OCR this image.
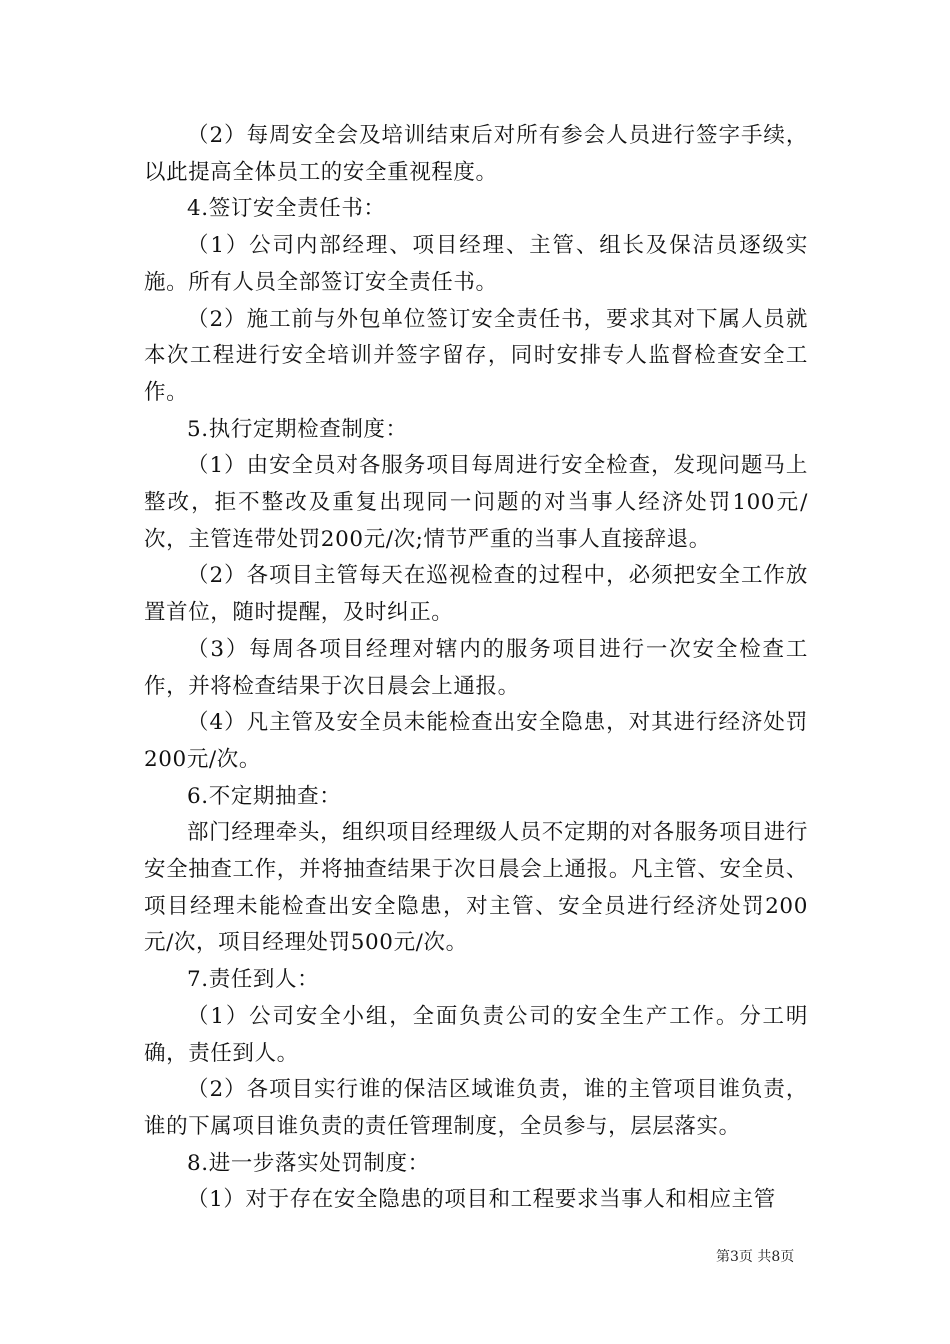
（2）每周安全会及培训结束后对所有参会人员进行签字手续，以此提高全体员工的安全重视程度。

4.签订安全责任书：

（1）公司内部经理、项目经理、主管、组长及保洁员逐级实施。所有人员全部签订安全责任书。

（2）施工前与外包单位签订安全责任书，要求其对下属人员就本次工程进行安全培训并签字留存，同时安排专人监督检查安全工作。

5.执行定期检查制度：

（1）由安全员对各服务项目每周进行安全检查，发现问题马上整改，拒不整改及重复出现同一问题的对当事人经济处罚100元/次，主管连带处罚200元/次;情节严重的当事人直接辞退。

（2）各项目主管每天在巡视检查的过程中，必须把安全工作放置首位，随时提醒，及时纠正。

（3）每周各项目经理对辖内的服务项目进行一次安全检查工作，并将检查结果于次日晨会上通报。

（4）凡主管及安全员未能检查出安全隐患，对其进行经济处罚200元/次。

6.不定期抽查：

部门经理牵头，组织项目经理级人员不定期的对各服务项目进行安全抽查工作，并将抽查结果于次日晨会上通报。凡主管、安全员、项目经理未能检查出安全隐患，对主管、安全员进行经济处罚200元/次，项目经理处罚500元/次。

7.责任到人：

（1）公司安全小组，全面负责公司的安全生产工作。分工明确，责任到人。

（2）各项目实行谁的保洁区域谁负责，谁的主管项目谁负责，谁的下属项目谁负责的责任管理制度，全员参与，层层落实。

8.进一步落实处罚制度：

（1）对于存在安全隐患的项目和工程要求当事人和相应主管

第3页 共8页
